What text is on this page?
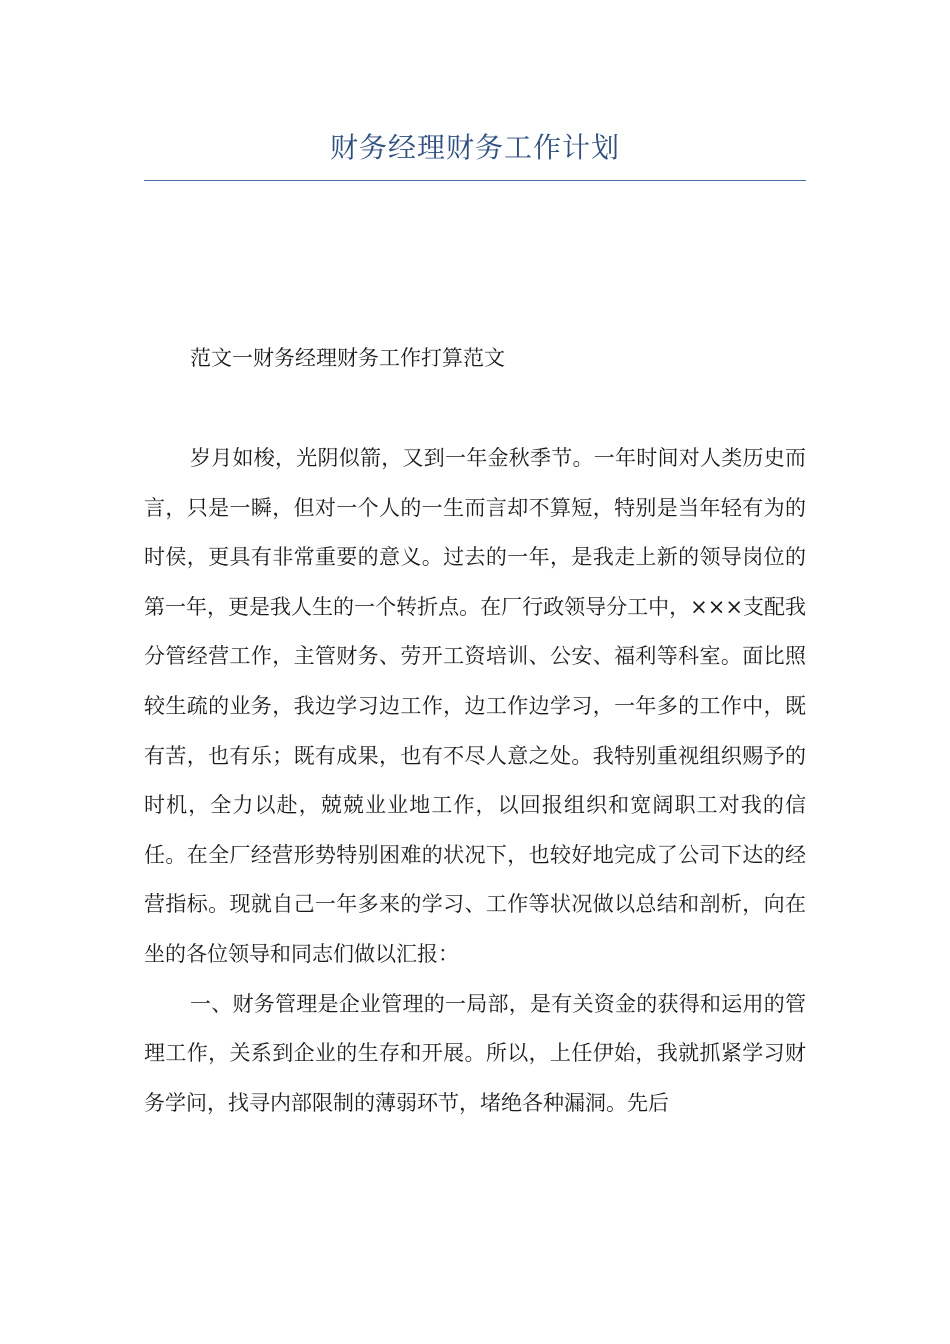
财务经理财务工作计划

范文一财务经理财务工作打算范文

岁月如梭，光阴似箭，又到一年金秋季节。一年时间对人类历史而言，只是一瞬，但对一个人的一生而言却不算短，特别是当年轻有为的时侯，更具有非常重要的意义。过去的一年，是我走上新的领导岗位的第一年，更是我人生的一个转折点。在厂行政领导分工中，×××支配我分管经营工作，主管财务、劳开工资培训、公安、福利等科室。面比照较生疏的业务，我边学习边工作，边工作边学习，一年多的工作中，既有苦，也有乐；既有成果，也有不尽人意之处。我特别重视组织赐予的时机，全力以赴，兢兢业业地工作，以回报组织和宽阔职工对我的信任。在全厂经营形势特别困难的状况下，也较好地完成了公司下达的经营指标。现就自己一年多来的学习、工作等状况做以总结和剖析，向在坐的各位领导和同志们做以汇报：

一、财务管理是企业管理的一局部，是有关资金的获得和运用的管理工作，关系到企业的生存和开展。所以，上任伊始，我就抓紧学习财务学问，找寻内部限制的薄弱环节，堵绝各种漏洞。先后
